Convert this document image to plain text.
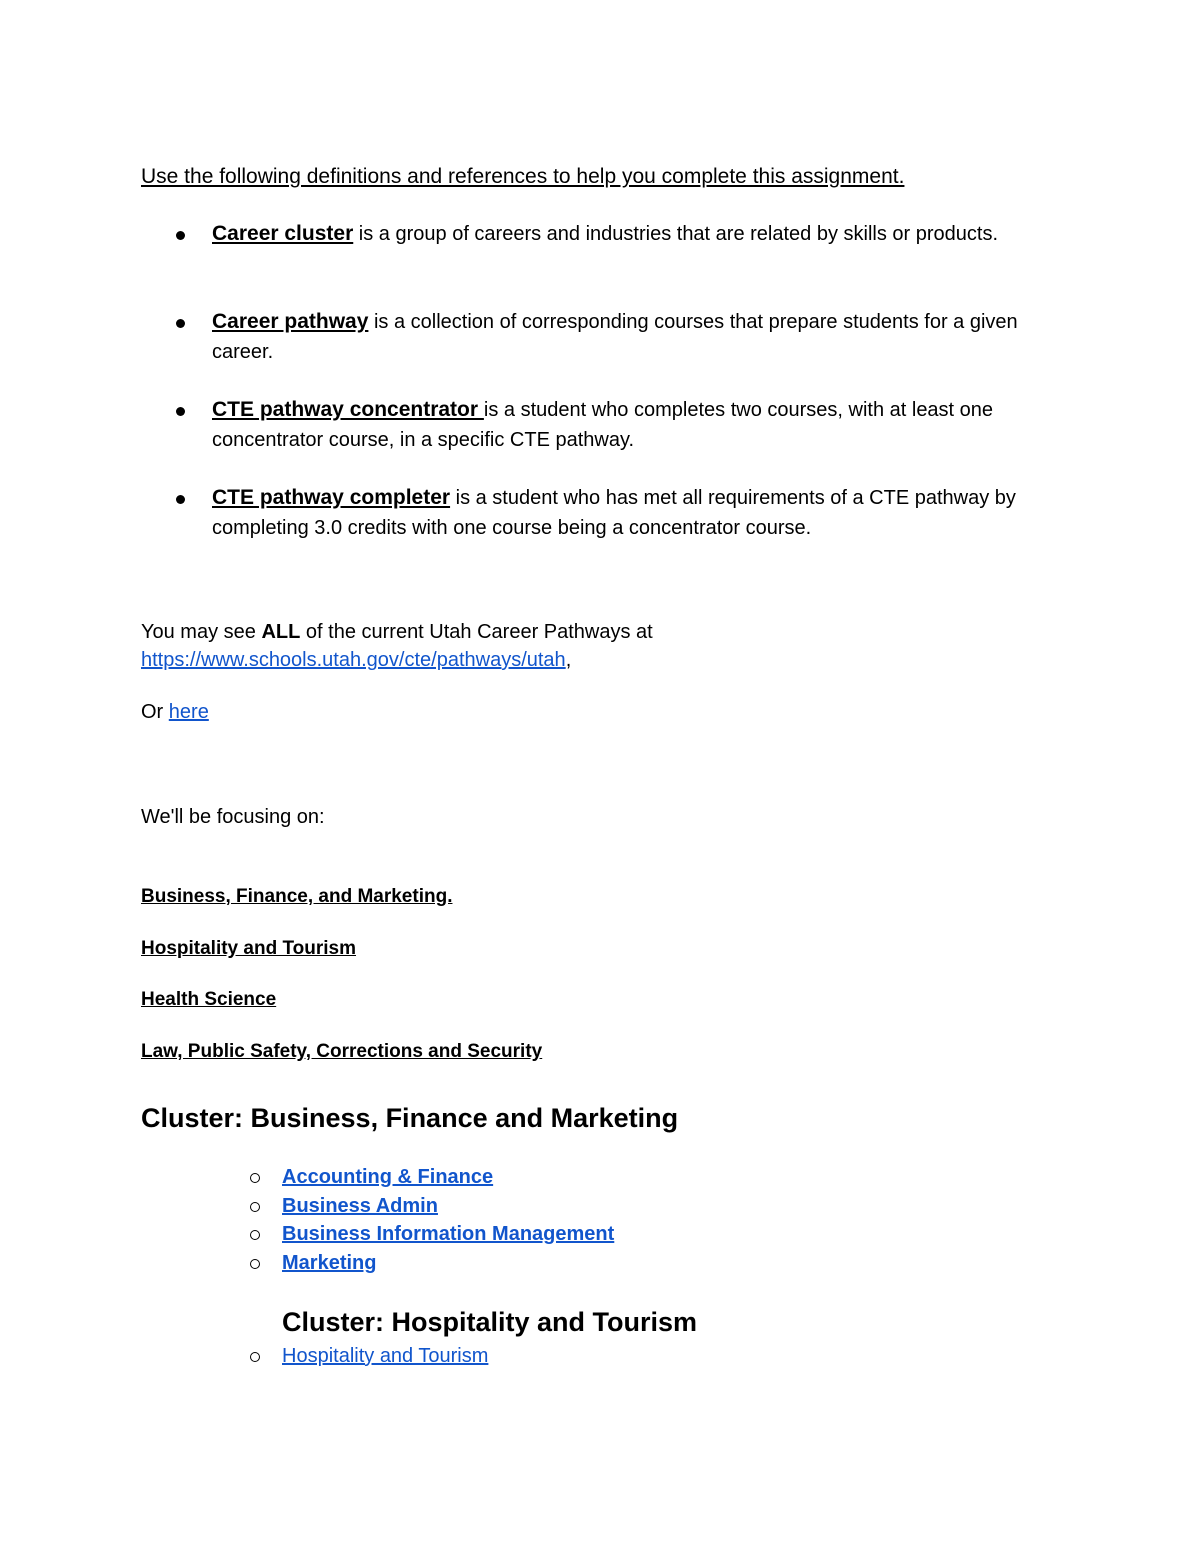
Use the following definitions and references to help you complete this assignment.
Career cluster is a group of careers and industries that are related by skills or products.
Career pathway is a collection of corresponding courses that prepare students for a given career.
CTE pathway concentrator is a student who completes two courses, with at least one concentrator course, in a specific CTE pathway.
CTE pathway completer is a student who has met all requirements of a CTE pathway by completing 3.0 credits with one course being a concentrator course.
You may see ALL of the current Utah Career Pathways at
https://www.schools.utah.gov/cte/pathways/utah,
Or here
We'll be focusing on:
Business, Finance, and Marketing.
Hospitality and Tourism
Health Science
Law, Public Safety, Corrections and Security
Cluster: Business, Finance and Marketing
Accounting & Finance
Business Admin
Business Information Management
Marketing
Cluster: Hospitality and Tourism
Hospitality and Tourism
